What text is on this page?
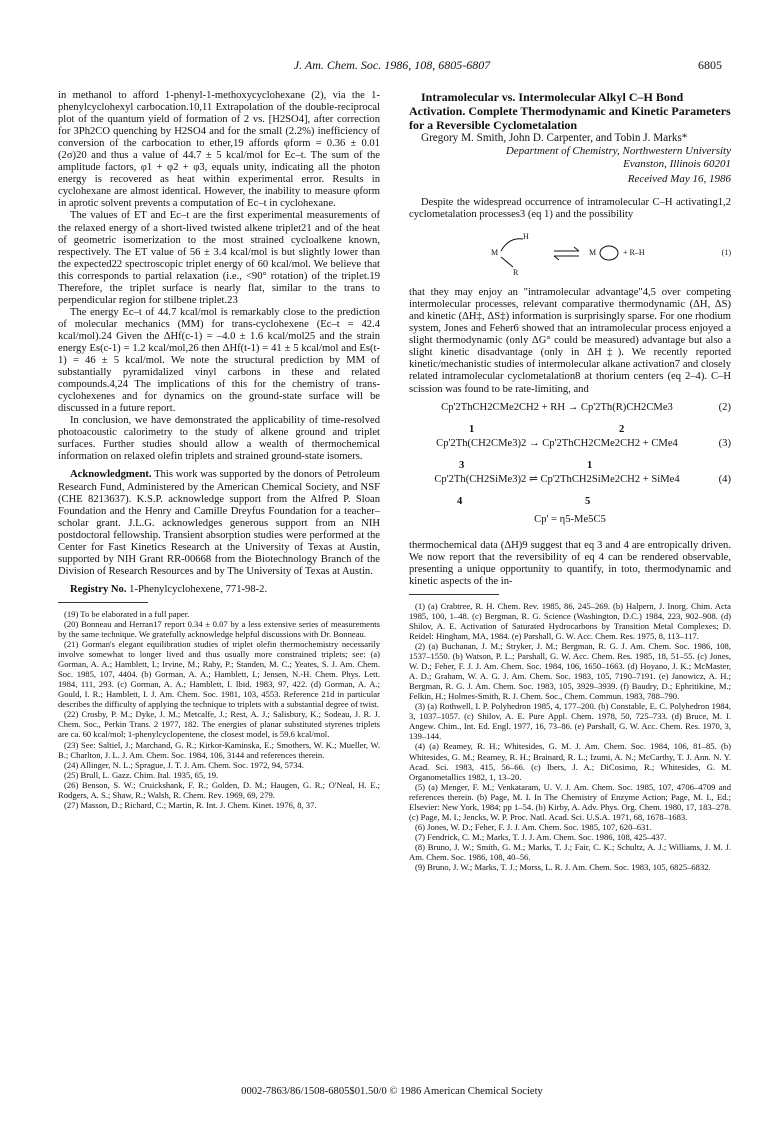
J. Am. Chem. Soc. 1986, 108, 6805-6807	6805

in methanol to afford 1-phenyl-1-methoxycyclohexane (2), via the 1-phenylcyclohexyl carbocation.10,11 Extrapolation of the double-reciprocal plot of the quantum yield of formation of 2 vs. [H2SO4], after correction for 3Ph2CO quenching by H2SO4 and for the small (2.2%) inefficiency of conversion of the carbocation to ether,19 affords φform = 0.36 ± 0.01 (2σ)20 and thus a value of 44.7 ± 5 kcal/mol for Ec–t. The sum of the amplitude factors, φ1 + φ2 + φ3, equals unity, indicating all the photon energy is recovered as heat within experimental error. Results in cyclohexane are almost identical. However, the inability to measure φform in aprotic solvent prevents a computation of Ec–t in cyclohexane.

The values of ET and Ec–t are the first experimental measurements of the relaxed energy of a short-lived twisted alkene triplet21 and of the heat of geometric isomerization to the most strained cycloalkene known, respectively. The ET value of 56 ± 3.4 kcal/mol is but slightly lower than the expected22 spectroscopic triplet energy of 60 kcal/mol. We believe that this corresponds to partial relaxation (i.e., <90° rotation) of the triplet.19 Therefore, the triplet surface is nearly flat, similar to the trans to perpendicular region for stilbene triplet.23

The energy Ec–t of 44.7 kcal/mol is remarkably close to the prediction of molecular mechanics (MM) for trans-cyclohexene (Ec–t = 42.4 kcal/mol).24 Given the ΔHf(c-1) = –4.0 ± 1.6 kcal/mol25 and the strain energy Es(c-1) = 1.2 kcal/mol,26 then ΔHf(t-1) = 41 ± 5 kcal/mol and Es(t-1) = 46 ± 5 kcal/mol. We note the structural prediction by MM of substantially pyramidalized vinyl carbons in these and related compounds.4,24 The implications of this for the chemistry of trans-cyclohexenes and for dynamics on the ground-state surface will be discussed in a future report.

In conclusion, we have demonstrated the applicability of time-resolved photoacoustic calorimetry to the study of alkene ground and triplet surfaces. Further studies should allow a wealth of thermochemical information on relaxed olefin triplets and strained ground-state isomers.

Acknowledgment. This work was supported by the donors of Petroleum Research Fund, Administered by the American Chemical Society, and NSF (CHE 8213637). K.S.P. acknowledge support from the Alfred P. Sloan Foundation and the Henry and Camille Dreyfus Foundation for a teacher–scholar grant. J.L.G. acknowledges generous support from an NIH postdoctoral fellowship. Transient absorption studies were performed at the Center for Fast Kinetics Research at the University of Texas at Austin, supported by NIH Grant RR-00668 from the Biotechnology Branch of the Division of Research Resources and by The University of Texas at Austin.

Registry No. 1-Phenylcyclohexene, 771-98-2.

(19) To be elaborated in a full paper.

(20) Bonneau and Herran17 report 0.34 ± 0.07 by a less extensive series of measurements by the same technique. We gratefully acknowledge helpful discussions with Dr. Bonneau.

(21) Gorman's elegant equilibration studies of triplet olefin thermochemistry necessarily involve somewhat to longer lived and thus usually more constrained triplets; see: (a) Gorman, A. A.; Hamblett, I.; Irvine, M.; Raby, P.; Standen, M. C.; Yeates, S. J. Am. Chem. Soc. 1985, 107, 4404. (b) Gorman, A. A.; Hamblett, I.; Jensen, N.-H. Chem. Phys. Lett. 1984, 111, 293. (c) Gorman, A. A.; Hamblett, I. Ibid. 1983, 97, 422. (d) Gorman, A. A.; Gould, I. R.; Hamblett, I. J. Am. Chem. Soc. 1981, 103, 4553. Reference 21d in particular describes the difficulty of applying the technique to triplets with a substantial degree of twist.

(22) Crosby, P. M.; Dyke, J. M.; Metcalfe, J.; Rest, A. J.; Salisbury, K.; Sodeau, J. R. J. Chem. Soc., Perkin Trans. 2 1977, 182. The energies of planar substituted styrenes triplets are ca. 60 kcal/mol; 1-phenylcyclopentene, the closest model, is 59.6 kcal/mol.

(23) See: Saltiel, J.; Marchand, G. R.; Kirkor-Kaminska, E.; Smothers, W. K.; Mueller, W. B.; Charlton, J. L. J. Am. Chem. Soc. 1984, 106, 3144 and references therein.

(24) Allinger, N. L.; Sprague, J. T. J. Am. Chem. Soc. 1972, 94, 5734.

(25) Brull, L. Gazz. Chim. Ital. 1935, 65, 19.

(26) Benson, S. W.; Cruickshank, F. R.; Golden, D. M.; Haugen, G. R.; O'Neal, H. E.; Rodgers, A. S.; Shaw, R.; Walsh, R. Chem. Rev. 1969, 69, 279.

(27) Masson, D.; Richard, C.; Martin, R. Int. J. Chem. Kinet. 1976, 8, 37.

Intramolecular vs. Intermolecular Alkyl C–H Bond Activation. Complete Thermodynamic and Kinetic Parameters for a Reversible Cyclometalation

Gregory M. Smith, John D. Carpenter, and Tobin J. Marks*

Department of Chemistry, Northwestern University
Evanston, Illinois 60201
Received May 16, 1986

Despite the widespread occurrence of intramolecular C–H activating1,2 cyclometalation processes3 (eq 1) and the possibility

H
M
R
M	+ R–H	(1)

that they may enjoy an "intramolecular advantage"4,5 over competing intermolecular processes, relevant comparative thermodynamic (ΔH, ΔS) and kinetic (ΔH‡, ΔS‡) information is surprisingly sparse. For one rhodium system, Jones and Feher6 showed that an intramolecular process enjoyed a slight thermodynamic (only ΔG° could be measured) advantage but also a slight kinetic disadvantage (only in ΔH‡). We recently reported kinetic/mechanistic studies of intermolecular alkane activation7 and closely related intramolecular cyclometalation8 at thorium centers (eq 2–4). C–H scission was found to be rate-limiting, and

Cp'2ThCH2CMe2CH2 + RH → Cp'2Th(R)CH2CMe3	(2)
1	2
Cp'2Th(CH2CMe3)2 → Cp'2ThCH2CMe2CH2 + CMe4	(3)
3	1
Cp'2Th(CH2SiMe3)2 ⇌ Cp'2ThCH2SiMe2CH2 + SiMe4	(4)
4	5
Cp' = η5-Me5C5

thermochemical data (ΔH)9 suggest that eq 3 and 4 are entropically driven. We now report that the reversibility of eq 4 can be rendered observable, presenting a unique opportunity to quantify, in toto, thermodynamic and kinetic aspects of the in-

(1) (a) Crabtree, R. H. Chem. Rev. 1985, 86, 245–269. (b) Halpern, J. Inorg. Chim. Acta 1985, 100, 1–48. (c) Bergman, R. G. Science (Washington, D.C.) 1984, 223, 902–908. (d) Shilov, A. E. Activation of Saturated Hydrocarbons by Transition Metal Complexes; D. Reidel: Hingham, MA, 1984. (e) Parshall, G. W. Acc. Chem. Res. 1975, 8, 113–117.

(2) (a) Buchanan, J. M.; Stryker, J. M.; Bergman, R. G. J. Am. Chem. Soc. 1986, 108, 1537–1550. (b) Watson, P. L.; Parshall, G. W. Acc. Chem. Res. 1985, 18, 51–55. (c) Jones, W. D.; Feher, F. J. J. Am. Chem. Soc. 1984, 106, 1650–1663. (d) Hoyano, J. K.; McMaster, A. D.; Graham, W. A. G. J. Am. Chem. Soc. 1983, 105, 7190–7191. (e) Janowicz, A. H.; Bergman, R. G. J. Am. Chem. Soc. 1983, 105, 3929–3939. (f) Baudry, D.; Ephritikine, M.; Felkin, H.; Holmes-Smith, R. J. Chem. Soc., Chem. Commun. 1983, 788–790.

(3) (a) Rothwell, I. P. Polyhedron 1985, 4, 177–200. (b) Constable, E. C. Polyhedron 1984, 3, 1037–1057. (c) Shilov, A. E. Pure Appl. Chem. 1978, 50, 725–733. (d) Bruce, M. I. Angew. Chim., Int. Ed. Engl. 1977, 16, 73–86. (e) Parshall, G. W. Acc. Chem. Res. 1970, 3, 139–144.

(4) (a) Reamey, R. H.; Whitesides, G. M. J. Am. Chem. Soc. 1984, 106, 81–85. (b) Whitesides, G. M.; Reamey, R. H.; Brainard, R. L.; Izumi, A. N.; McCarthy, T. J. Ann. N. Y. Acad. Sci. 1983, 415, 56–66. (c) Ibers, J. A.; DiCosimo, R.; Whitesides, G. M. Organometallics 1982, 1, 13–20.

(5) (a) Menger, F. M.; Venkataram, U. V. J. Am. Chem. Soc. 1985, 107, 4706–4709 and references therein. (b) Page, M. I. In The Chemistry of Enzyme Action; Page, M. I., Ed.; Elsevier: New York, 1984; pp 1–54. (b) Kirby, A. Adv. Phys. Org. Chem. 1980, 17, 183–278. (c) Page, M. I.; Jencks, W. P. Proc. Natl. Acad. Sci. U.S.A. 1971, 68, 1678–1683.

(6) Jones, W. D.; Feher, F. J. J. Am. Chem. Soc. 1985, 107, 620–631.

(7) Fendrick, C. M.; Marks, T. J. J. Am. Chem. Soc. 1986, 108, 425–437.

(8) Bruno, J. W.; Smith, G. M.; Marks, T. J.; Fair, C. K.; Schultz, A. J.; Williams, J. M. J. Am. Chem. Soc. 1986, 108, 40–56.

(9) Bruno, J. W.; Marks, T. J.; Morss, L. R. J. Am. Chem. Soc. 1983, 105, 6825–6832.

0002-7863/86/1508-6805$01.50/0 © 1986 American Chemical Society
